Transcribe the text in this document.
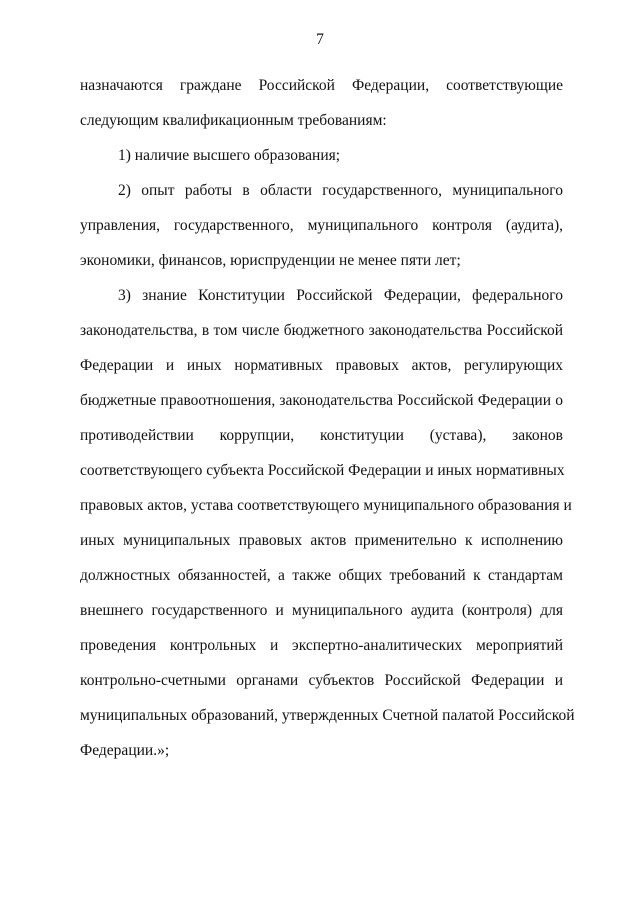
7
назначаются граждане Российской Федерации, соответствующие
следующим квалификационным требованиям:
1) наличие высшего образования;
2) опыт работы в области государственного, муниципального
управления, государственного, муниципального контроля (аудита),
экономики, финансов, юриспруденции не менее пяти лет;
3) знание Конституции Российской Федерации, федерального
законодательства, в том числе бюджетного законодательства Российской
Федерации и иных нормативных правовых актов, регулирующих
бюджетные правоотношения, законодательства Российской Федерации о
противодействии коррупции, конституции (устава), законов
соответствующего субъекта Российской Федерации и иных нормативных
правовых актов, устава соответствующего муниципального образования и
иных муниципальных правовых актов применительно к исполнению
должностных обязанностей, а также общих требований к стандартам
внешнего государственного и муниципального аудита (контроля) для
проведения контрольных и экспертно-аналитических мероприятий
контрольно-счетными органами субъектов Российской Федерации и
муниципальных образований, утвержденных Счетной палатой Российской
Федерации.»;
